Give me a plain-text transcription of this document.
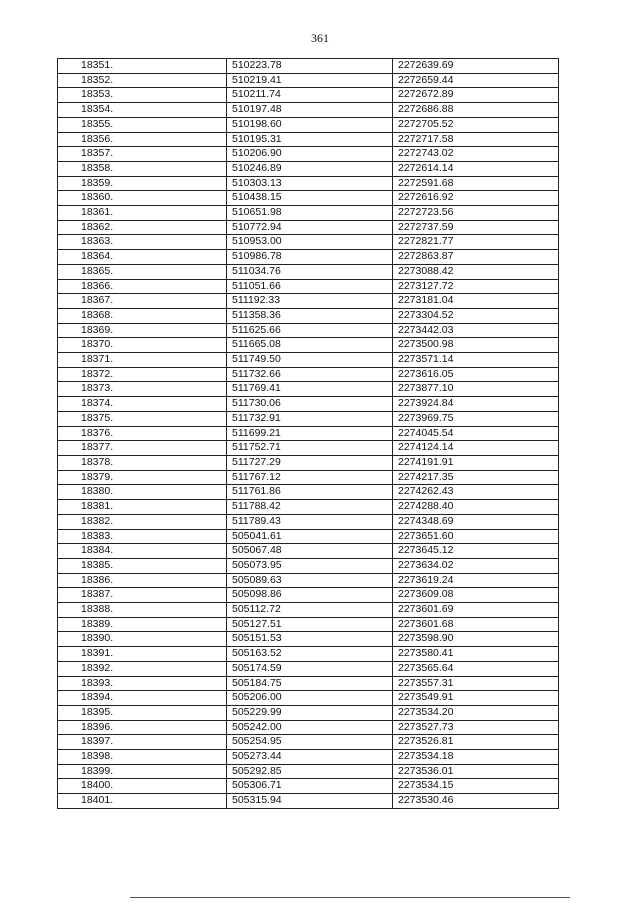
361
18351.	510223.78	2272639.69
18352.	510219.41	2272659.44
18353.	510211.74	2272672.89
18354.	510197.48	2272686.88
18355.	510198.60	2272705.52
18356.	510195.31	2272717.58
18357.	510206.90	2272743.02
18358.	510246.89	2272614.14
18359.	510303.13	2272591.68
18360.	510438.15	2272616.92
18361.	510651.98	2272723.56
18362.	510772.94	2272737.59
18363.	510953.00	2272821.77
18364.	510986.78	2272863.87
18365.	511034.76	2273088.42
18366.	511051.66	2273127.72
18367.	511192.33	2273181.04
18368.	511358.36	2273304.52
18369.	511625.66	2273442.03
18370.	511665.08	2273500.98
18371.	511749.50	2273571.14
18372.	511732.66	2273616.05
18373.	511769.41	2273877.10
18374.	511730.06	2273924.84
18375.	511732.91	2273969.75
18376.	511699.21	2274045.54
18377.	511752.71	2274124.14
18378.	511727.29	2274191.91
18379.	511767.12	2274217.35
18380.	511761.86	2274262.43
18381.	511788.42	2274288.40
18382.	511789.43	2274348.69
18383.	505041.61	2273651.60
18384.	505067.48	2273645.12
18385.	505073.95	2273634.02
18386.	505089.63	2273619.24
18387.	505098.86	2273609.08
18388.	505112.72	2273601.69
18389.	505127.51	2273601.68
18390.	505151.53	2273598.90
18391.	505163.52	2273580.41
18392.	505174.59	2273565.64
18393.	505184.75	2273557.31
18394.	505206.00	2273549.91
18395.	505229.99	2273534.20
18396.	505242.00	2273527.73
18397.	505254.95	2273526.81
18398.	505273.44	2273534.18
18399.	505292.85	2273536.01
18400.	505306.71	2273534.15
18401.	505315.94	2273530.46
